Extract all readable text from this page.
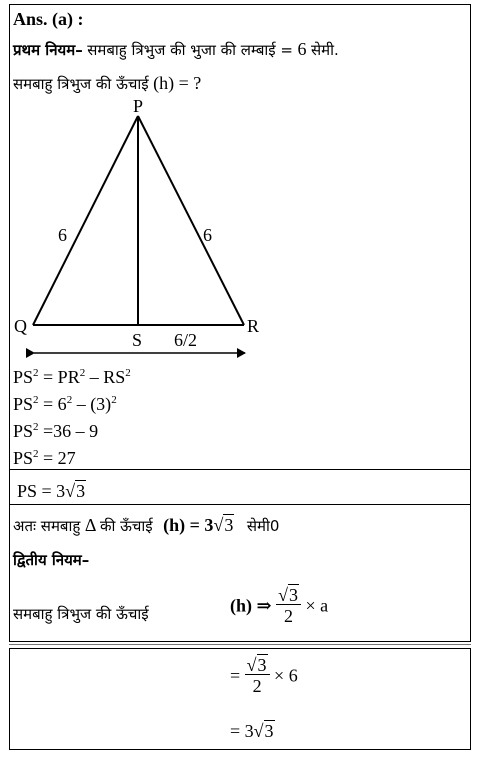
Ans. (a) :
प्रथम नियम– समबाहु त्रिभुज की भुजा की लम्बाई = 6 सेमी.
समबाहु त्रिभुज की ऊँचाई (h) = ?
P
Q	R
S
6	6
6/2
$PS^2 = PR^2 - RS^2$
$PS^2 = 6^2 - (3)^2$
$PS^2 =36 - 9$
$PS^2 = 27$
PS = 3√3
अतः समबाहु Δ की ऊँचाई (h) = 3√3 सेमी0
द्वितीय नियम–
समबाहु त्रिभुज की ऊँचाई	(h) ⇒ $\frac{√3}{2} \times a$
= $\frac{√3}{2} \times 6$
= 3√3
